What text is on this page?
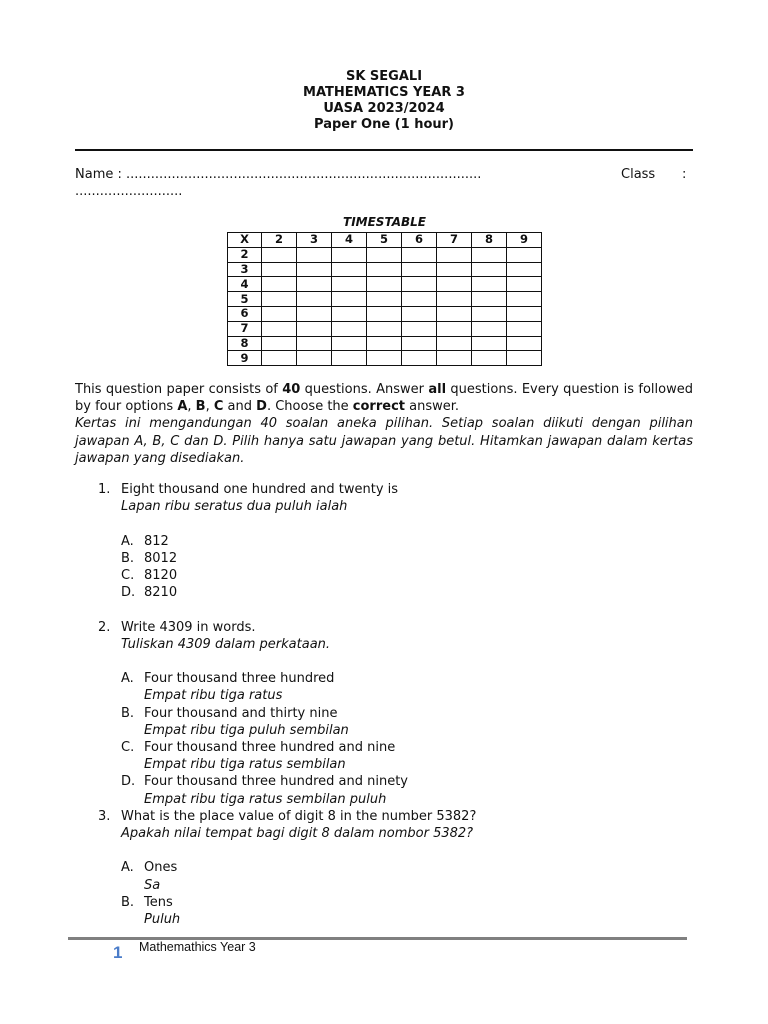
SK SEGALI
MATHEMATICS YEAR 3
UASA 2023/2024
Paper One (1 hour)
Name : ......................................................................................	Class :
..........................
TIMESTABLE
X	2	3	4	5	6	7	8	9
2								
3								
4								
5								
6								
7								
8								
9								
This question paper consists of 40 questions. Answer all questions. Every question is followed by four options A, B, C and D. Choose the correct answer.
Kertas ini mengandungan 40 soalan aneka pilihan. Setiap soalan diikuti dengan pilihan jawapan A, B, C dan D. Pilih hanya satu jawapan yang betul. Hitamkan jawapan dalam kertas jawapan yang disediakan.
1. Eight thousand one hundred and twenty is
Lapan ribu seratus dua puluh ialah
A. 812
B. 8012
C. 8120
D. 8210
2. Write 4309 in words.
Tuliskan 4309 dalam perkataan.
A. Four thousand three hundred
Empat ribu tiga ratus
B. Four thousand and thirty nine
Empat ribu tiga puluh sembilan
C. Four thousand three hundred and nine
Empat ribu tiga ratus sembilan
D. Four thousand three hundred and ninety
Empat ribu tiga ratus sembilan puluh
3. What is the place value of digit 8 in the number 5382?
Apakah nilai tempat bagi digit 8 dalam nombor 5382?
A. Ones
Sa
B. Tens
Puluh
1 Mathemathics Year 3
